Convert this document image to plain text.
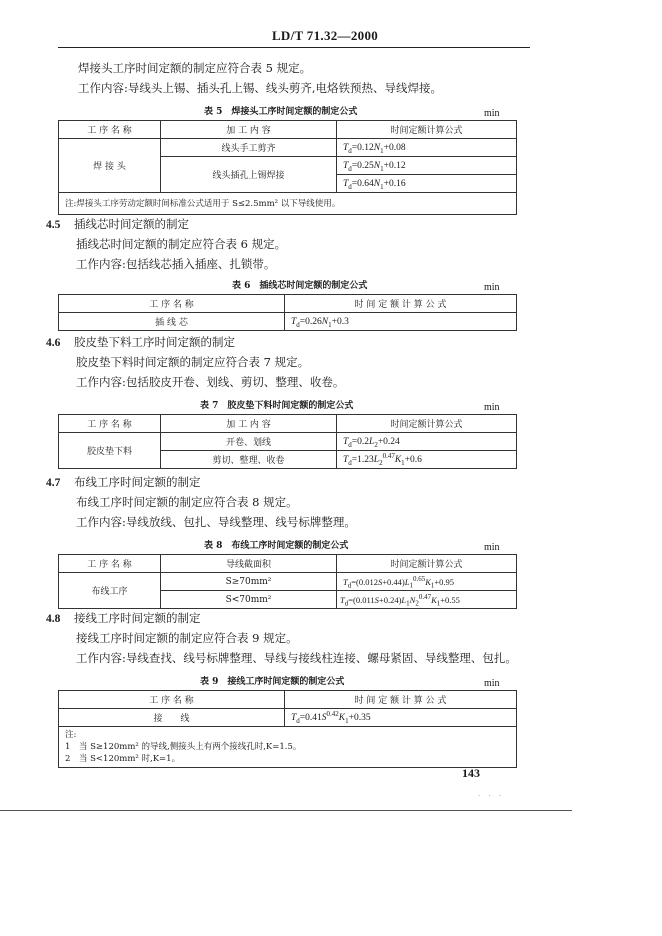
LD/T 71.32—2000
焊接头工序时间定额的制定应符合表 5 规定。
工作内容:导线头上锡、插头孔上锡、线头剪齐,电烙铁预热、导线焊接。
表 5　焊接头工序时间定额的制定公式	min
工 序 名 称	加 工 内 容	时间定额计算公式
焊 接 头	线头手工剪齐	$T_d=0.12N_1+0.08$
	线头插孔上锡焊接	$T_d=0.25N_1+0.12$
		$T_d=0.64N_1+0.16$
注:焊接头工序劳动定额时间标准公式适用于 S≤2.5mm² 以下导线使用。		
4.5 插线芯时间定额的制定
插线芯时间定额的制定应符合表 6 规定。
工作内容:包括线芯插入插座、扎锁带。
表 6　插线芯时间定额的制定公式	min
工 序 名 称	时 间 定 额 计 算 公 式
插 线 芯	$T_d=0.26N_1+0.3$
4.6 胶皮垫下料工序时间定额的制定
胶皮垫下料时间定额的制定应符合表 7 规定。
工作内容:包括胶皮开卷、划线、剪切、整理、收卷。
表 7　胶皮垫下料时间定额的制定公式	min
工 序 名 称	加 工 内 容	时间定额计算公式
胶皮垫下料	开卷、划线	$T_d=0.2L_2+0.24$
	剪切、整理、收卷	$T_d=1.23L_2^{0.47}K_1+0.6$
4.7 布线工序时间定额的制定
布线工序时间定额的制定应符合表 8 规定。
工作内容:导线放线、包扎、导线整理、线号标牌整理。
表 8　布线工序时间定额的制定公式	min
工 序 名 称	导线截面积	时间定额计算公式
布线工序	S≥70mm²	$T_d=(0.012S+0.44)L_1^{0.65}K_1+0.95$
	S<70mm²	$T_d=(0.011S+0.24)L_1N_2^{0.47}K_1+0.55$
4.8 接线工序时间定额的制定
接线工序时间定额的制定应符合表 9 规定。
工作内容:导线查找、线号标牌整理、导线与接线柱连接、螺母紧固、导线整理、包扎。
表 9　接线工序时间定额的制定公式	min
工 序 名 称	时 间 定 额 计 算 公 式
接　　线	$T_d=0.41S^{0.42}K_1+0.35$

注:
1　当 S≥120mm² 的导线,侧接头上有两个接线孔时,K=1.5。
2　当 S<120mm² 时,K=1。	
143
· · ·
